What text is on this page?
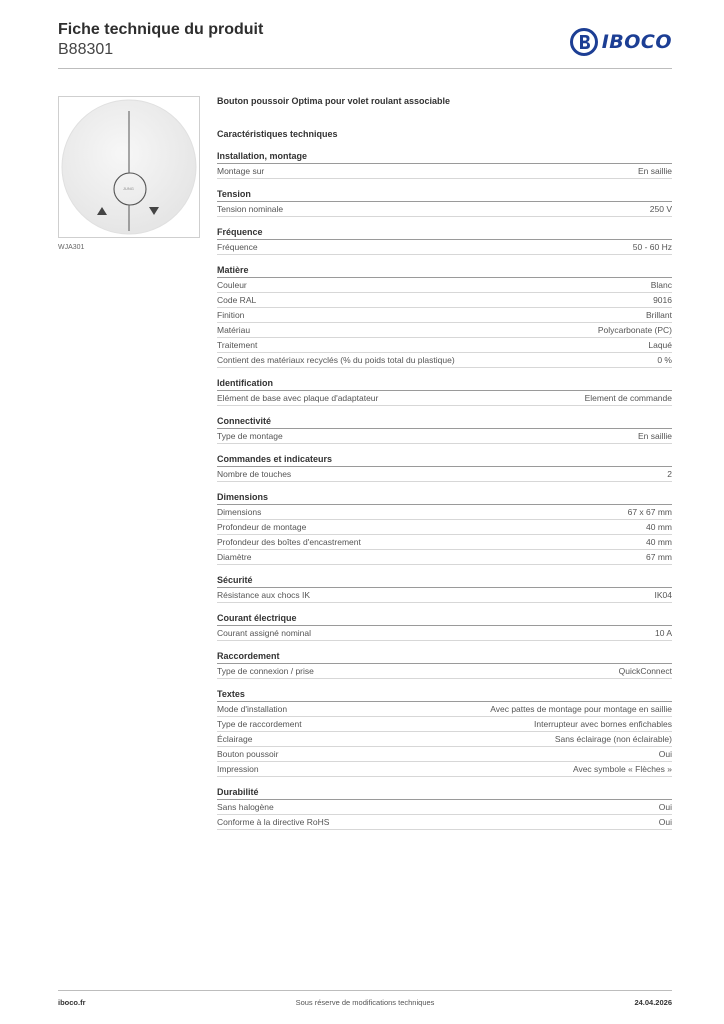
Fiche technique du produit
B88301	IBOCO
JUNG
WJA301
Bouton poussoir Optima pour volet roulant associable
Caractéristiques techniques
Installation, montage
Montage sur	En saillie
Tension
Tension nominale	250 V
Fréquence
Fréquence	50 - 60 Hz
Matière
Couleur	Blanc
Code RAL	9016
Finition	Brillant
Matériau	Polycarbonate (PC)
Traitement	Laqué
Contient des matériaux recyclés (% du poids total du plastique)	0 %
Identification
Elément de base avec plaque d'adaptateur	Element de commande
Connectivité
Type de montage	En saillie
Commandes et indicateurs
Nombre de touches	2
Dimensions
Dimensions	67 x 67 mm
Profondeur de montage	40 mm
Profondeur des boîtes d'encastrement	40 mm
Diamètre	67 mm
Sécurité
Résistance aux chocs IK	IK04
Courant électrique
Courant assigné nominal	10 A
Raccordement
Type de connexion / prise	QuickConnect
Textes
Mode d'installation	Avec pattes de montage pour montage en saillie
Type de raccordement	Interrupteur avec bornes enfichables
Éclairage	Sans éclairage (non éclairable)
Bouton poussoir	Oui
Impression	Avec symbole « Flèches »
Durabilité
Sans halogène	Oui
Conforme à la directive RoHS	Oui
iboco.fr	Sous réserve de modifications techniques	24.04.2026
